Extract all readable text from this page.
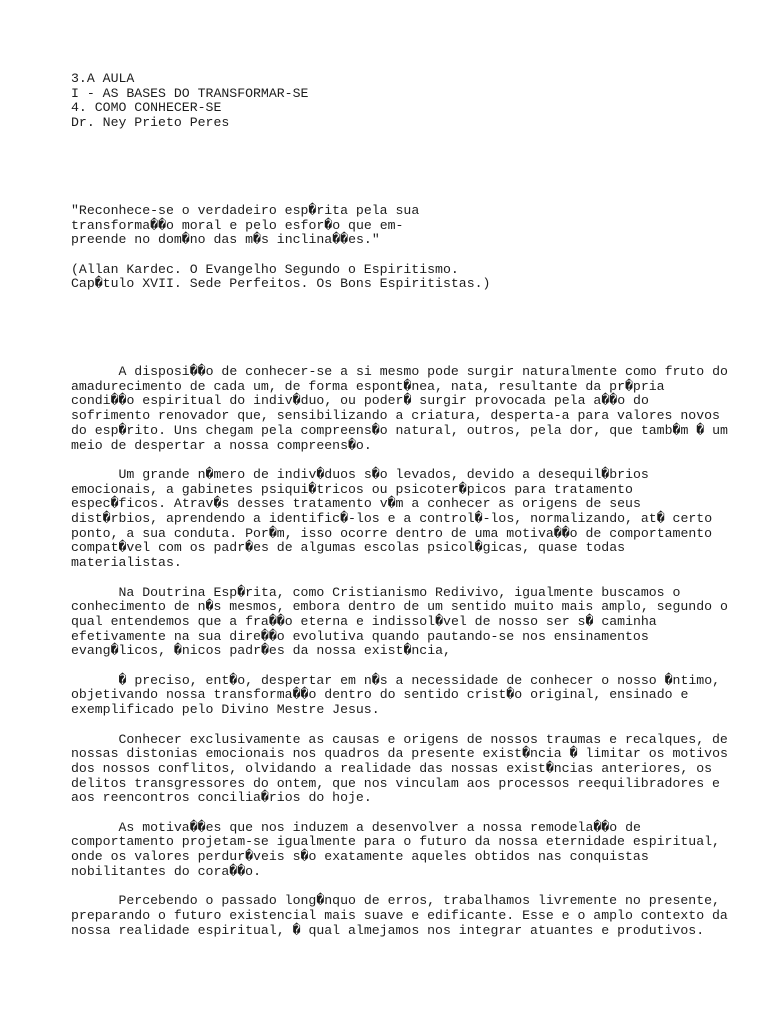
3.A AULA
I - AS BASES DO TRANSFORMAR-SE
4. COMO CONHECER-SE
Dr. Ney Prieto Peres
"Reconhece-se o verdadeiro esp�rita pela sua
transforma��o moral e pelo esfor�o que em-
preende no dom�no das m�s inclina��es."
(Allan Kardec. O Evangelho Segundo o Espiritismo.
Cap�tulo XVII. Sede Perfeitos. Os Bons Espiritistas.)
A disposi��o de conhecer-se a si mesmo pode surgir naturalmente como fruto do
amadurecimento de cada um, de forma espont�nea, nata, resultante da pr�pria
condi��o espiritual do indiv�duo, ou poder� surgir provocada pela a��o do
sofrimento renovador que, sensibilizando a criatura, desperta-a para valores novos
do esp�rito. Uns chegam pela compreens�o natural, outros, pela dor, que tamb�m � um
meio de despertar a nossa compreens�o.
Um grande n�mero de indiv�duos s�o levados, devido a desequil�brios
emocionais, a gabinetes psiqui�tricos ou psicoter�picos para tratamento
espec�ficos. Atrav�s desses tratamento v�m a conhecer as origens de seus
dist�rbios, aprendendo a identific�-los e a control�-los, normalizando, at� certo
ponto, a sua conduta. Por�m, isso ocorre dentro de uma motiva��o de comportamento
compat�vel com os padr�es de algumas escolas psicol�gicas, quase todas
materialistas.
Na Doutrina Esp�rita, como Cristianismo Redivivo, igualmente buscamos o
conhecimento de n�s mesmos, embora dentro de um sentido muito mais amplo, segundo o
qual entendemos que a fra��o eterna e indissol�vel de nosso ser s� caminha
efetivamente na sua dire��o evolutiva quando pautando-se nos ensinamentos
evang�licos, �nicos padr�es da nossa exist�ncia,
� preciso, ent�o, despertar em n�s a necessidade de conhecer o nosso �ntimo,
objetivando nossa transforma��o dentro do sentido crist�o original, ensinado e
exemplificado pelo Divino Mestre Jesus.
Conhecer exclusivamente as causas e origens de nossos traumas e recalques, de
nossas distonias emocionais nos quadros da presente exist�ncia � limitar os motivos
dos nossos conflitos, olvidando a realidade das nossas exist�ncias anteriores, os
delitos transgressores do ontem, que nos vinculam aos processos reequilibradores e
aos reencontros concilia�rios do hoje.
As motiva��es que nos induzem a desenvolver a nossa remodela��o de
comportamento projetam-se igualmente para o futuro da nossa eternidade espiritual,
onde os valores perdur�veis s�o exatamente aqueles obtidos nas conquistas
nobilitantes do cora��o.
Percebendo o passado long�nquo de erros, trabalhamos livremente no presente,
preparando o futuro existencial mais suave e edificante. Esse e o amplo contexto da
nossa realidade espiritual, � qual almejamos nos integrar atuantes e produtivos.
